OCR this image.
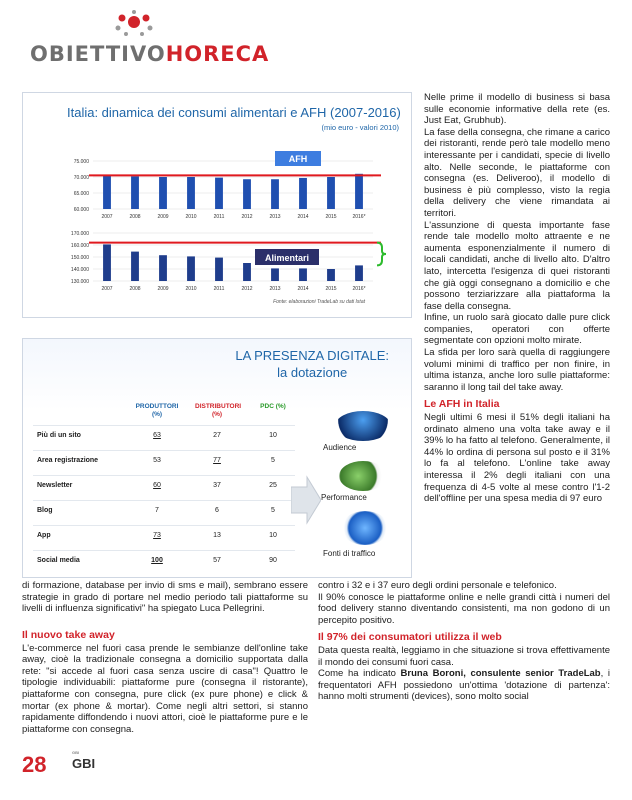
OBIETTIVOHORECA
Italia: dinamica dei consumi alimentari e AFH (2007-2016)
(mio euro - valori 2010)
60.000
65.000
70.000
75.000
2007	2008	2009	2010	2011	2012	2013	2014	2015	2016*
AFH
130.000
140.000
150.000
160.000
170.000
2007	2008	2009	2010	2011	2012	2013	2014	2015	2016*
Alimentari
Fonte: elaborazioni TradeLab su dati Istat
LA PRESENZA DIGITALE:
la dotazione
PRODUTTORI (%)
DISTRIBUTORI (%)
PDC (%)
Più di un sito	63	27	10
Area registrazione	53	77	5
Newsletter	60	37	25
Blog	7	6	5
App	73	13	10
Social media	100	57	90
Audience
Performance
Fonti di traffico

Nelle prime il modello di business si basa sulle economie informative della rete (es. Just Eat, Grubhub).

La fase della consegna, che rimane a carico dei ristoranti, rende però tale modello meno interessante per i candidati, specie di livello alto. Nelle seconde, le piattaforme con consegna (es. Deliveroo), il modello di business è più complesso, visto la regia della delivery che viene rimandata ai territori.

L'assunzione di questa importante fase rende tale modello molto attraente e ne aumenta esponenzialmente il numero di locali candidati, anche di livello alto. D'altro lato, intercetta l'esigenza di quei ristoranti che già oggi consegnano a domicilio e che possono terziarizzare alla piattaforma la fase della consegna.

Infine, un ruolo sarà giocato dalle pure click companies, operatori con offerte segmentate con opzioni molto mirate.

La sfida per loro sarà quella di raggiungere volumi minimi di traffico per non finire, in ultima istanza, anche loro sulle piattaforme: saranno il long tail del take away.

Le AFH in Italia

Negli ultimi 6 mesi il 51% degli italiani ha ordinato almeno una volta take away e il 39% lo ha fatto al telefono. Generalmente, il 44% lo ordina di persona sul posto e il 31% lo fa al telefono. L'online take away interessa il 2% degli italiani con una frequenza di 4-5 volte al mese contro l'1-2 dell'offline per una spesa media di 97 euro

di formazione, database per invio di sms e mail), sembrano essere strategie in grado di portare nel medio periodo tali piattaforme su livelli di influenza significativi" ha spiegato Luca Pellegrini.

Il nuovo take away

L'e-commerce nel fuori casa prende le sembianze dell'online take away, cioè la tradizionale consegna a domicilio supportata dalla rete: "si accede al fuori casa senza uscire di casa"! Quattro le tipologie individuabili: piattaforme pure (consegna il ristorante), piattaforme con consegna, pure click (ex pure phone) e click & mortar (ex phone & mortar). Come negli altri settori, si stanno rapidamente diffondendo i nuovi attori, cioè le piattaforme pure e le piattaforme con consegna.

contro i 32 e i 37 euro degli ordini personale e telefonico.

Il 90% conosce le piattaforme online e nelle grandi città i numeri del food delivery stanno diventando consistenti, ma non godono di un percepito positivo.

Il 97% dei consumatori utilizza il web

Data questa realtà, leggiamo in che situazione si trova effettivamente il mondo dei consumi fuori casa.

Come ha indicato Bruna Boroni, consulente senior TradeLab, i frequentatori AFH possiedono un'ottima 'dotazione di partenza': hanno molti strumenti (devices), sono molto social

28	GBI
GBI
